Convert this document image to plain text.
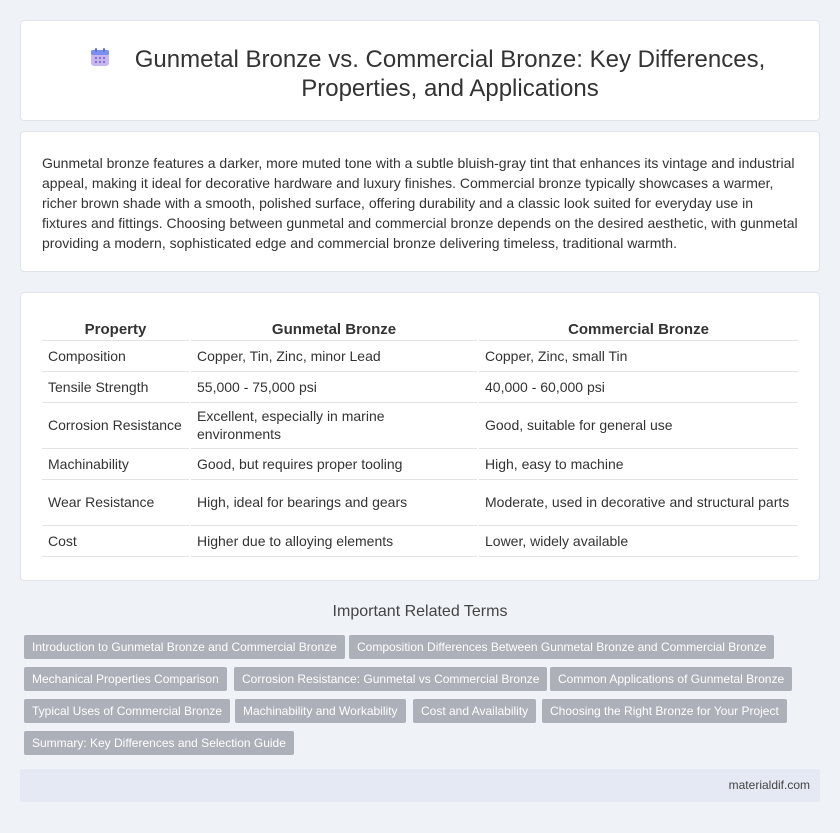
Gunmetal Bronze vs. Commercial Bronze: Key Differences, Properties, and Applications

Gunmetal bronze features a darker, more muted tone with a subtle bluish-gray tint that enhances its vintage and industrial appeal, making it ideal for decorative hardware and luxury finishes. Commercial bronze typically showcases a warmer, richer brown shade with a smooth, polished surface, offering durability and a classic look suited for everyday use in fixtures and fittings. Choosing between gunmetal and commercial bronze depends on the desired aesthetic, with gunmetal providing a modern, sophisticated edge and commercial bronze delivering timeless, traditional warmth.

Property	Gunmetal Bronze	Commercial Bronze
Composition	Copper, Tin, Zinc, minor Lead	Copper, Zinc, small Tin
Tensile Strength	55,000 - 75,000 psi	40,000 - 60,000 psi
Corrosion Resistance	Excellent, especially in marine environments	Good, suitable for general use
Machinability	Good, but requires proper tooling	High, easy to machine
Wear Resistance	High, ideal for bearings and gears	Moderate, used in decorative and structural parts
Cost	Higher due to alloying elements	Lower, widely available
Important Related Terms
Introduction to Gunmetal Bronze and Commercial Bronze	Composition Differences Between Gunmetal Bronze and Commercial Bronze
Mechanical Properties Comparison	Corrosion Resistance: Gunmetal vs Commercial Bronze	Common Applications of Gunmetal Bronze
Typical Uses of Commercial Bronze	Machinability and Workability	Cost and Availability	Choosing the Right Bronze for Your Project
Summary: Key Differences and Selection Guide
materialdif.com
